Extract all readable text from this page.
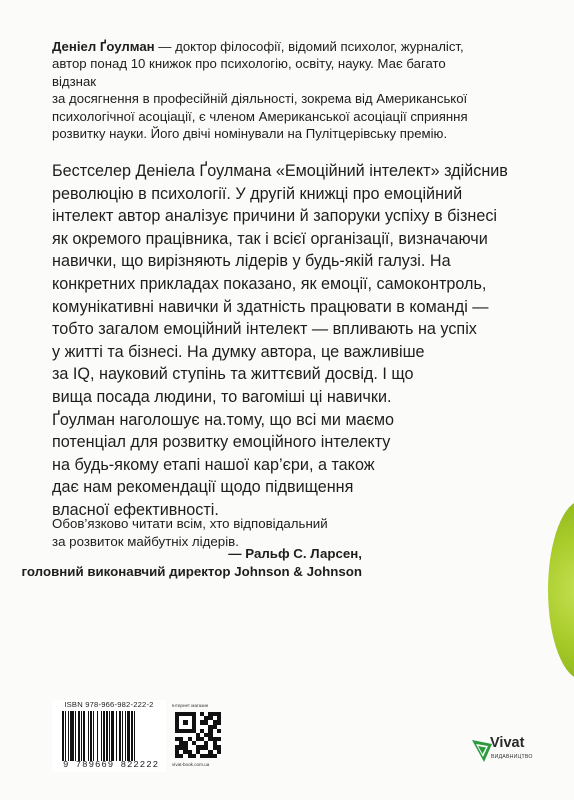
Деніел Ґоулман — доктор філософії, відомий психолог, журналіст,
автор понад 10 книжок про психологію, освіту, науку. Має багато відзнак
за досягнення в професійній діяльності, зокрема від Американської
психологічної асоціації, є членом Американської асоціації сприяння
розвитку науки. Його двічі номінували на Пулітцерівську премію.
Бестселер Деніела Ґоулмана «Емоційний інтелект» здійснив
революцію в психології. У другій книжці про емоційний
інтелект автор аналізує причини й запоруки успіху в бізнесі
як окремого працівника, так і всієї організації, визначаючи
навички, що вирізняють лідерів у будь-якій галузі. На
конкретних прикладах показано, як емоції, самоконтроль,
комунікативні навички й здатність працювати в команді —
тобто загалом емоційний інтелект — впливають на успіх
у житті та бізнесі. На думку автора, це важливіше
за IQ, науковий ступінь та життєвий досвід. І що
вища посада людини, то вагоміші ці навички.
Ґоулман наголошує на.тому, що всі ми маємо
потенціал для розвитку емоційного інтелекту
на будь-якому етапі нашої кар’єри, а також
дає нам рекомендації щодо підвищення
власної ефективності.
Обов’язково читати всім, хто відповідальний
за розвиток майбутніх лідерів.
— Ральф С. Ларсен,
головний виконавчий директор Johnson & Johnson
ISBN 978-966-982-222-2
9 789669 822222
Інтернет магазин
vivat-book.com.ua
Vivat
ВИДАВНИЦТВО
